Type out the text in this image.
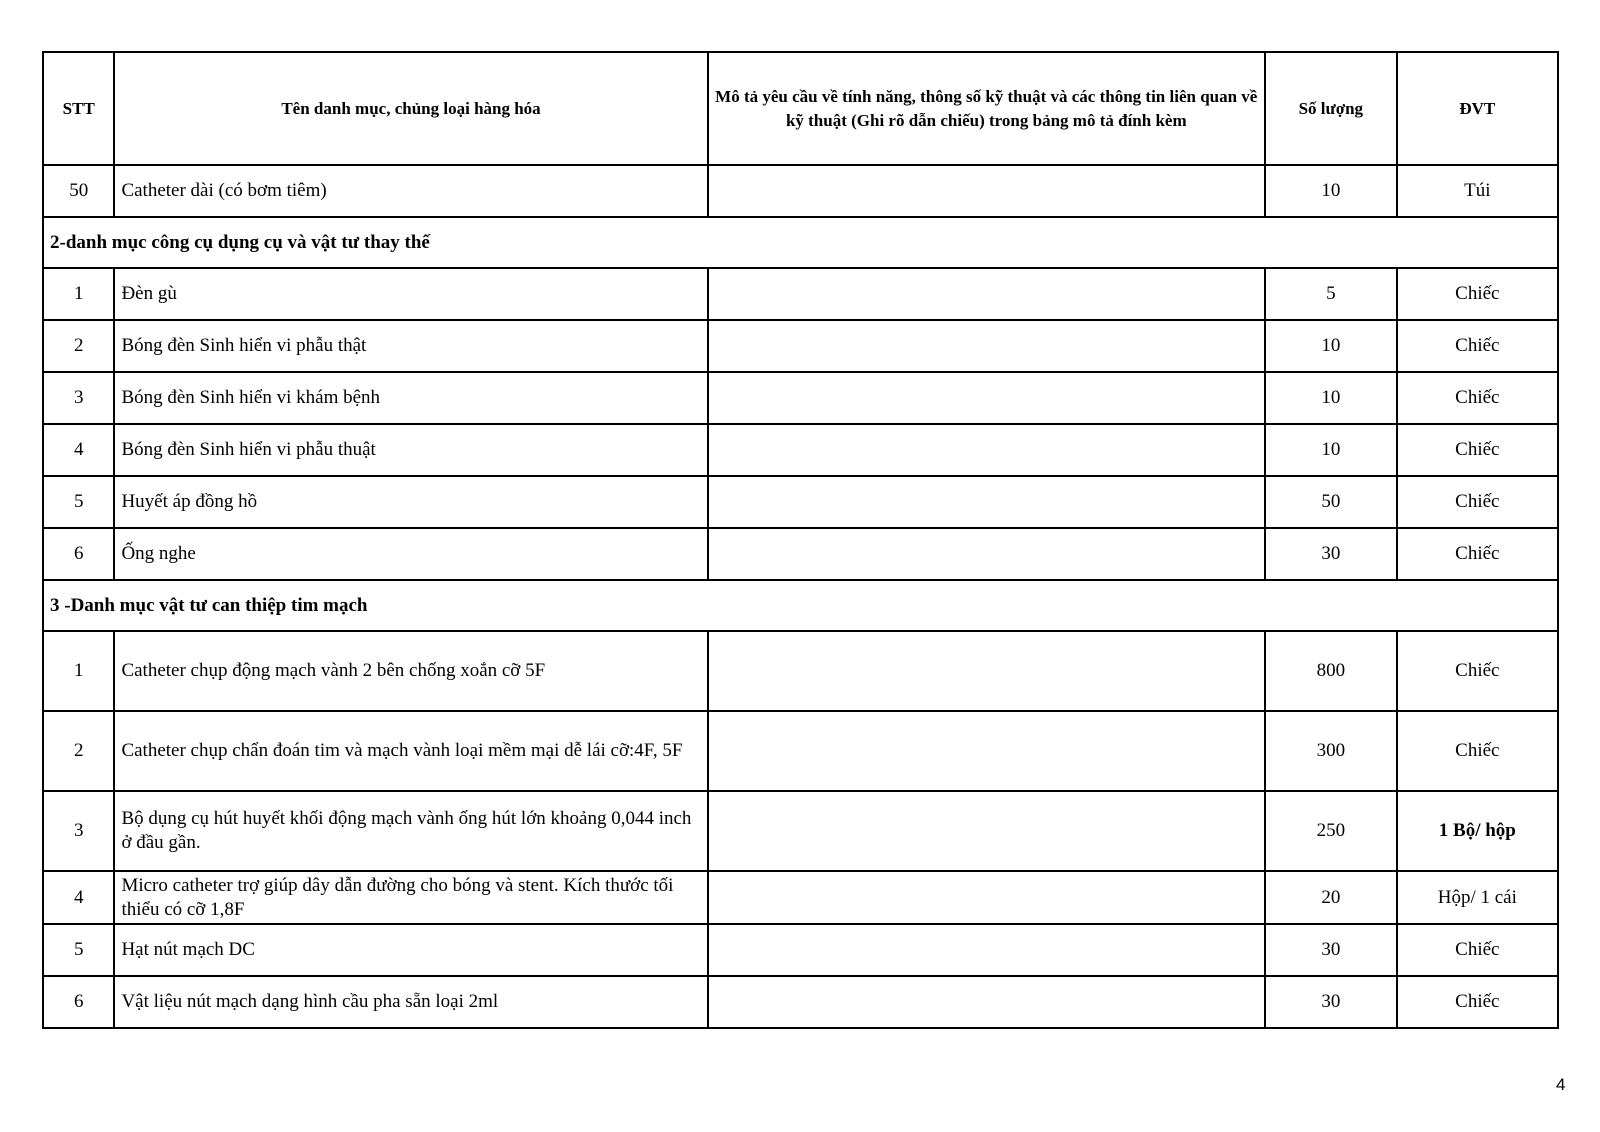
STT	Tên danh mục, chủng loại hàng hóa	Mô tả yêu cầu về tính năng, thông số kỹ thuật và các thông tin liên quan về kỹ thuật (Ghi rõ dẫn chiếu) trong bảng mô tả đính kèm	Số lượng	ĐVT
50	Catheter dài (có bơm tiêm)		10	Túi
2-danh mục công cụ dụng cụ và vật tư thay thế				
1	Đèn gù		5	Chiếc
2	Bóng đèn Sinh hiển vi phẫu thật		10	Chiếc
3	Bóng đèn Sinh hiển vi khám bệnh		10	Chiếc
4	Bóng đèn Sinh hiển vi phẫu thuật		10	Chiếc
5	Huyết áp đồng hồ		50	Chiếc
6	Ống nghe		30	Chiếc
3 -Danh mục vật tư can thiệp tim mạch				
1	Catheter chụp động mạch vành 2 bên chống xoắn cỡ 5F		800	Chiếc
2	Catheter chụp chẩn đoán tim và mạch vành loại mềm mại dễ lái cỡ:4F, 5F		300	Chiếc
3	Bộ dụng cụ hút huyết khối động mạch vành ống hút lớn khoảng 0,044 inch ở đầu gần.		250	1 Bộ/ hộp
4	Micro catheter trợ giúp dây dẫn đường cho bóng và stent. Kích thước tối thiểu có cỡ 1,8F		20	Hộp/ 1 cái
5	Hạt nút mạch DC		30	Chiếc
6	Vật liệu nút mạch dạng hình cầu pha sẵn loại 2ml		30	Chiếc
4
